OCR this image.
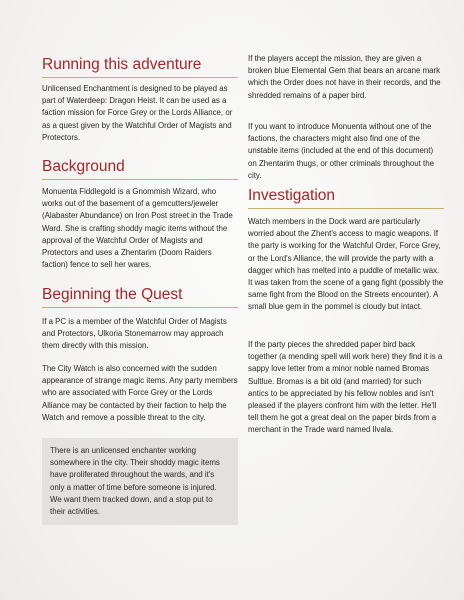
Running this adventure

Unlicensed Enchantment is designed to be played as part of Waterdeep: Dragon Heist. It can be used as a faction mission for Force Grey or the Lords Alliance, or as a quest given by the Watchful Order of Magists and Protectors.

Background

Monuenta Fiddlegold is a Gnommish Wizard, who works out of the basement of a gemcutters/jeweler (Alabaster Abundance) on Iron Post street in the Trade Ward. She is crafting shoddy magic items without the approval of the Watchful Order of Magists and Protectors and uses a Zhentarim (Doom Raiders faction) fence to sell her wares.

Beginning the Quest

If a PC is a member of the Watchful Order of Magists and Protectors, Ulkoria Stonemarrow may approach them directly with this mission.

The City Watch is also concerned with the sudden appearance of strange magic items. Any party members who are associated with Force Grey or the Lords Alliance may be contacted by their faction to help the Watch and remove a possible threat to the city.

There is an unlicensed enchanter working somewhere in the city. Their shoddy magic items have proliferated throughout the wards, and it's only a matter of time before someone is injured. We want them tracked down, and a stop put to their activities.

If the players accept the mission, they are given a broken blue Elemental Gem that bears an arcane mark which the Order does not have in their records, and the shredded remains of a paper bird.

If you want to introduce Monuenta without one of the factions, the characters might also find one of the unstable items (included at the end of this document) on Zhentarim thugs, or other criminals throughout the city.

Investigation

Watch members in the Dock ward are particularly worried about the Zhent's access to magic weapons. If the party is working for the Watchful Order, Force Grey, or the Lord's Alliance, the will provide the party with a dagger which has melted into a puddle of metallic wax. It was taken from the scene of a gang fight (possibly the same fight from the Blood on the Streets encounter). A small blue gem in the pommel is cloudy but intact.

If the party pieces the shredded paper bird back together (a mending spell will work here) they find it is a sappy love letter from a minor noble named Bromas Sultlue. Bromas is a bit old (and married) for such antics to be appreciated by his fellow nobles and isn't pleased if the players confront him with the letter. He'll tell them he got a great deal on the paper birds from a merchant in the Trade ward named Ilvala.
